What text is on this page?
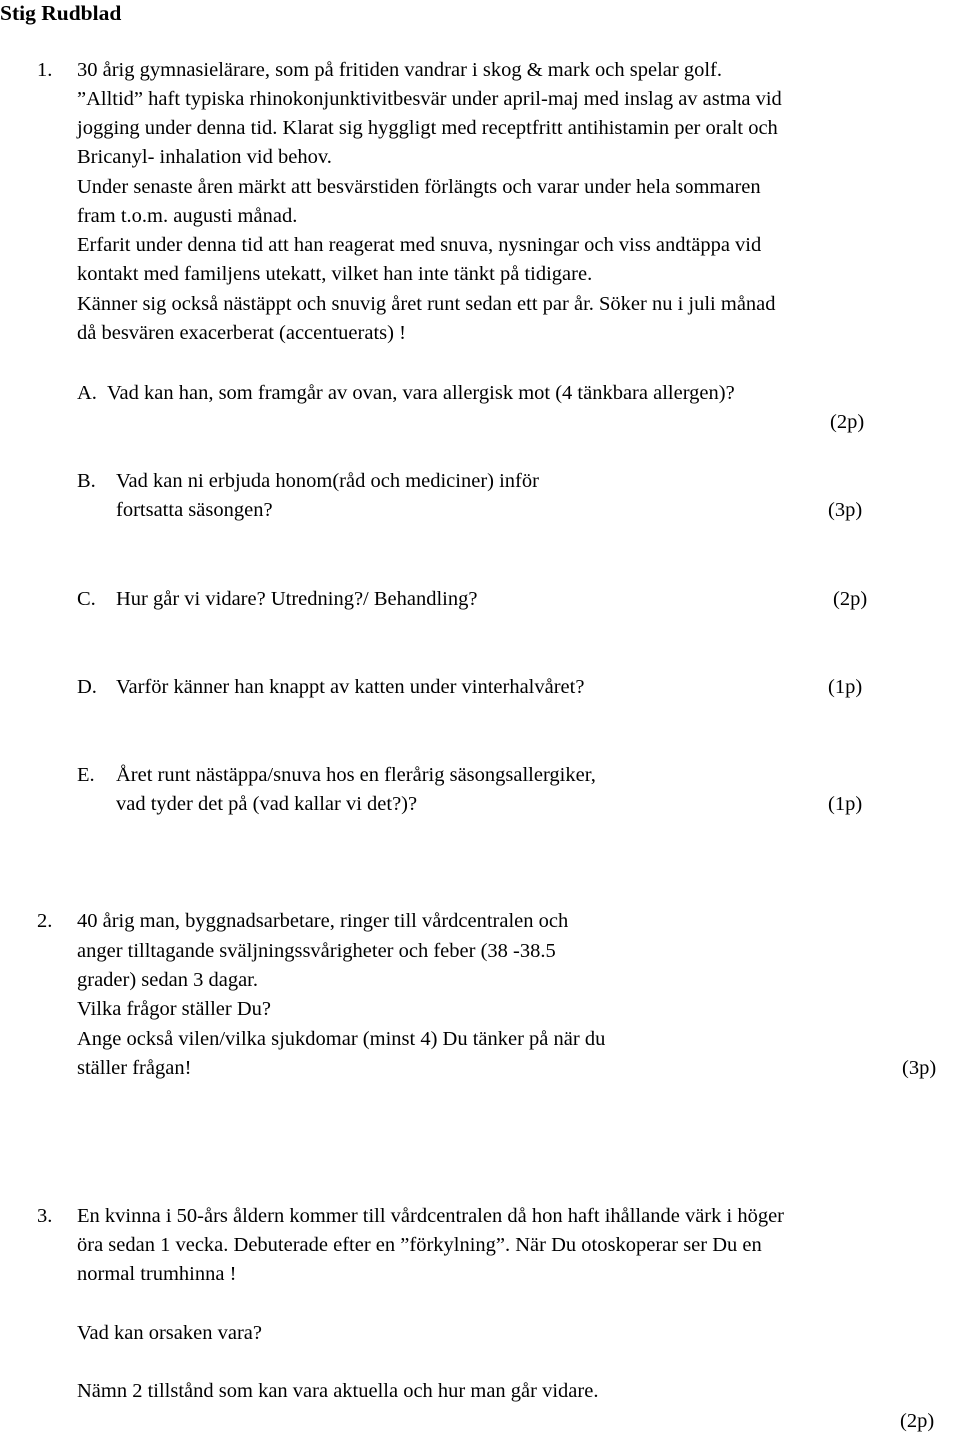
Stig Rudblad
1. 30 årig gymnasielärare, som på fritiden vandrar i skog & mark och spelar golf.
”Alltid” haft typiska rhinokonjunktivitbesvär under april-maj med inslag av astma vid
jogging under denna tid. Klarat sig hyggligt med receptfritt antihistamin per oralt och
Bricanyl- inhalation vid behov.
Under senaste åren märkt att besvärstiden förlängts och varar under hela sommaren
fram t.o.m. augusti månad.
Erfarit under denna tid att han reagerat med snuva, nysningar och viss andtäppa vid
kontakt med familjens utekatt, vilket han inte tänkt på tidigare.
Känner sig också nästäppt och snuvig året runt sedan ett par år. Söker nu i juli månad
då besvären exacerberat (accentuerats) !
A. Vad kan han, som framgår av ovan, vara allergisk mot (4 tänkbara allergen)?
(2p)
B. Vad kan ni erbjuda honom(råd och mediciner) inför
fortsatta säsongen?	(3p)
C. Hur går vi vidare? Utredning?/ Behandling?	(2p)
D. Varför känner han knappt av katten under vinterhalvåret?	(1p)
E. Året runt nästäppa/snuva hos en flerårig säsongsallergiker,
vad tyder det på (vad kallar vi det?)?	(1p)
2. 40 årig man, byggnadsarbetare, ringer till vårdcentralen och
anger tilltagande sväljningssvårigheter och feber (38 -38.5
grader) sedan 3 dagar.
Vilka frågor ställer Du?
Ange också vilen/vilka sjukdomar (minst 4) Du tänker på när du
ställer frågan!	(3p)
3. En kvinna i 50-års åldern kommer till vårdcentralen då hon haft ihållande värk i höger
öra sedan 1 vecka. Debuterade efter en ”förkylning”. När Du otoskoperar ser Du en
normal trumhinna !
Vad kan orsaken vara?
Nämn 2 tillstånd som kan vara aktuella och hur man går vidare.
(2p)
